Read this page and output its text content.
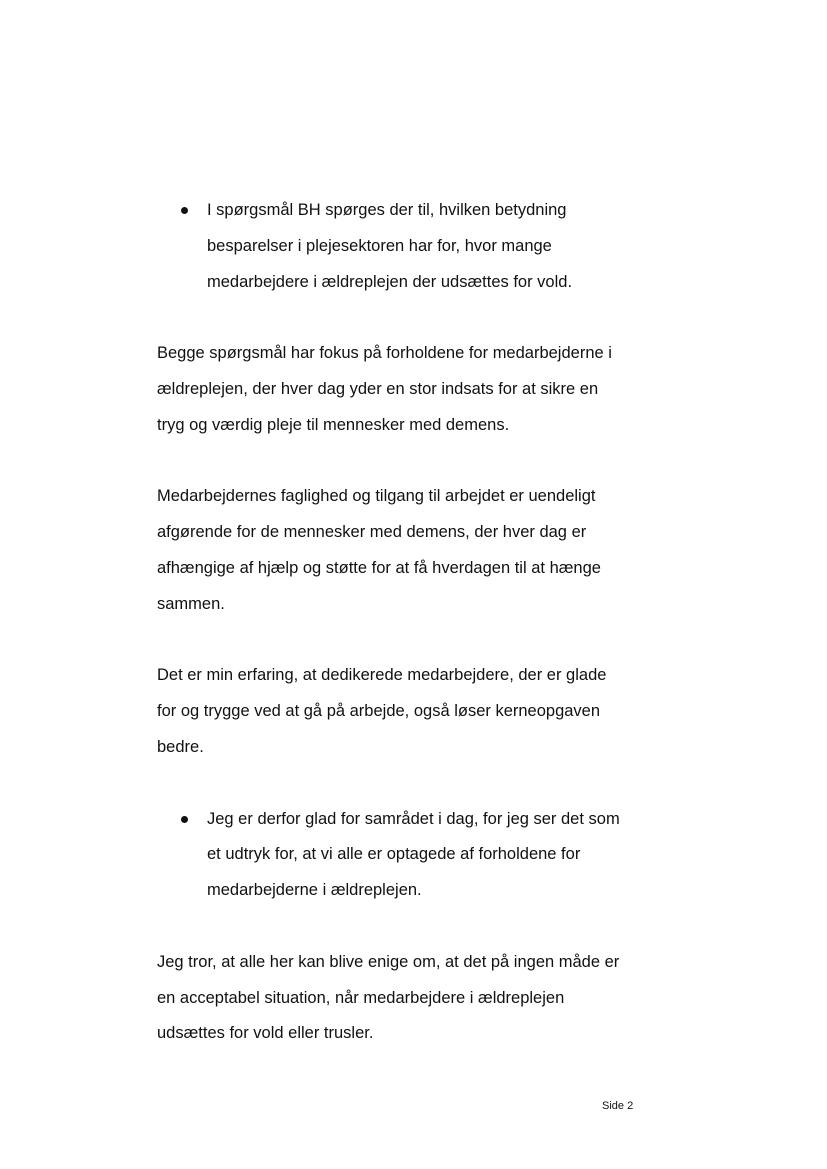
I spørgsmål BH spørges der til, hvilken betydning
besparelser i plejesektoren har for, hvor mange
medarbejdere i ældreplejen der udsættes for vold.

Begge spørgsmål har fokus på forholdene for medarbejderne i
ældreplejen, der hver dag yder en stor indsats for at sikre en
tryg og værdig pleje til mennesker med demens.

Medarbejdernes faglighed og tilgang til arbejdet er uendeligt
afgørende for de mennesker med demens, der hver dag er
afhængige af hjælp og støtte for at få hverdagen til at hænge
sammen.

Det er min erfaring, at dedikerede medarbejdere, der er glade
for og trygge ved at gå på arbejde, også løser kerneopgaven
bedre.

Jeg er derfor glad for samrådet i dag, for jeg ser det som
et udtryk for, at vi alle er optagede af forholdene for
medarbejderne i ældreplejen.

Jeg tror, at alle her kan blive enige om, at det på ingen måde er
en acceptabel situation, når medarbejdere i ældreplejen
udsættes for vold eller trusler.

Side 2
